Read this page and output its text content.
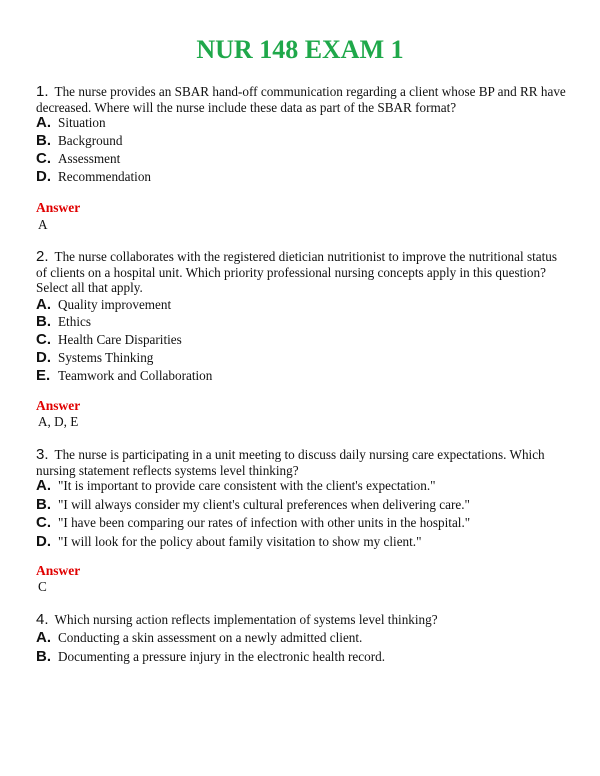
NUR 148 EXAM 1
1. The nurse provides an SBAR hand-off communication regarding a client whose BP and RR have decreased. Where will the nurse include these data as part of the SBAR format?
A. Situation
B. Background
C. Assessment
D. Recommendation
Answer
A
2. The nurse collaborates with the registered dietician nutritionist to improve the nutritional status of clients on a hospital unit. Which priority professional nursing concepts apply in this question? Select all that apply.
A. Quality improvement
B. Ethics
C. Health Care Disparities
D. Systems Thinking
E. Teamwork and Collaboration
Answer
A, D, E
3. The nurse is participating in a unit meeting to discuss daily nursing care expectations. Which nursing statement reflects systems level thinking?
A. "It is important to provide care consistent with the client's expectation."
B. "I will always consider my client's cultural preferences when delivering care."
C. "I have been comparing our rates of infection with other units in the hospital."
D. "I will look for the policy about family visitation to show my client."
Answer
C
4. Which nursing action reflects implementation of systems level thinking?
A. Conducting a skin assessment on a newly admitted client.
B. Documenting a pressure injury in the electronic health record.
